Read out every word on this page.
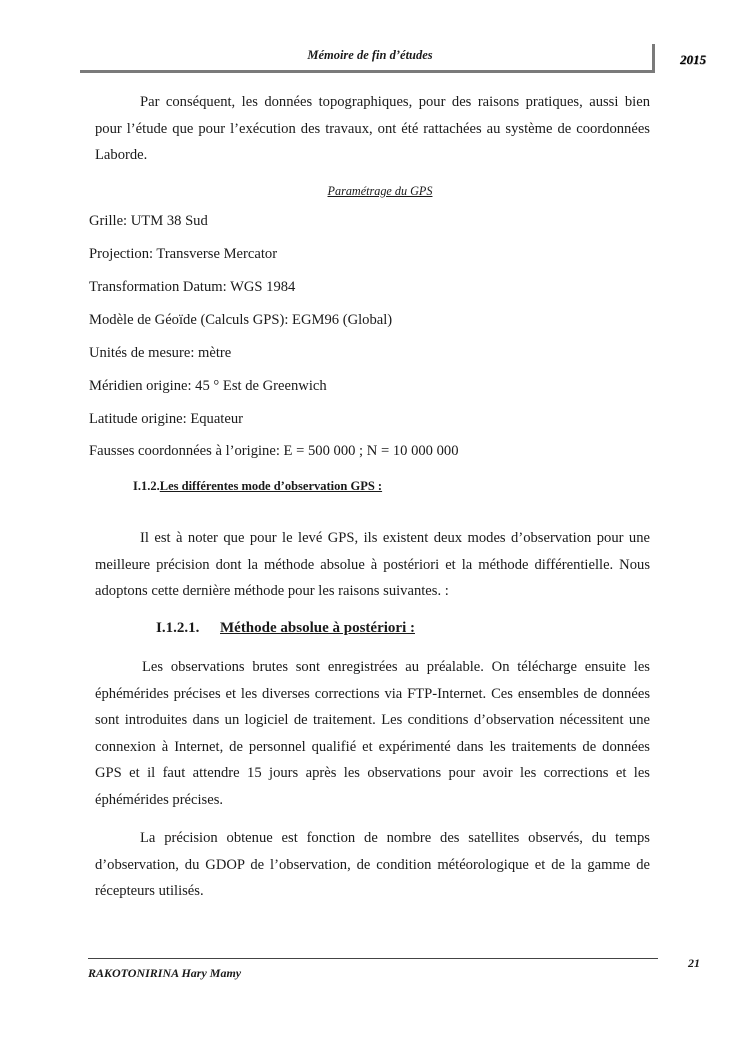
Mémoire de fin d’études	2015
Par conséquent, les données topographiques, pour des raisons pratiques, aussi bien pour l’étude que pour l’exécution des travaux, ont été rattachées au système de coordonnées Laborde.
Paramétrage du GPS
Grille: UTM 38 Sud
Projection: Transverse Mercator
Transformation Datum: WGS 1984
Modèle de Géoïde (Calculs GPS): EGM96 (Global)
Unités de mesure: mètre
Méridien origine: 45 ° Est de Greenwich
Latitude origine: Equateur
Fausses coordonnées à l’origine: E = 500 000 ; N = 10 000 000
I.1.2.Les différentes mode d’observation GPS :
Il est à noter que pour le levé GPS, ils existent deux modes d’observation pour une meilleure précision dont la méthode absolue à postériori et la méthode différentielle. Nous adoptons cette dernière méthode pour les raisons suivantes. :
I.1.2.1. Méthode absolue à postériori :
Les observations brutes sont enregistrées au préalable. On télécharge ensuite les éphémérides précises et les diverses corrections via FTP-Internet. Ces ensembles de données sont introduites dans un logiciel de traitement. Les conditions d’observation nécessitent une connexion à Internet, de personnel qualifié et expérimenté dans les traitements de données GPS et il faut attendre 15 jours après les observations pour avoir les corrections et les éphémérides précises.
La précision obtenue est fonction de nombre des satellites observés, du temps d’observation, du GDOP de l’observation, de condition météorologique et de la gamme de récepteurs utilisés.
RAKOTONIRINA Hary Mamy
21
